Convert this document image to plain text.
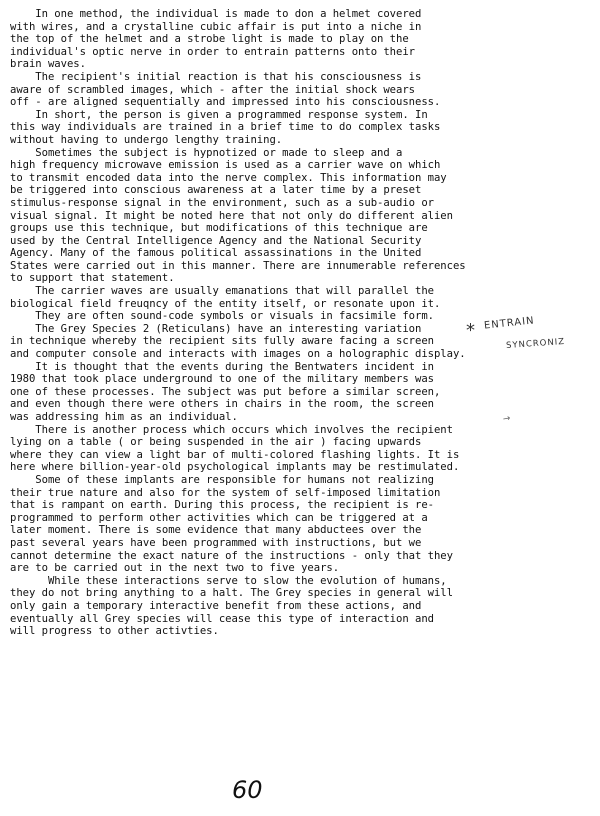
In one method, the individual is made to don a helmet covered
with wires, and a crystalline cubic affair is put into a niche in
the top of the helmet and a strobe light is made to play on the
individual's optic nerve in order to entrain patterns onto their
brain waves.
The recipient's initial reaction is that his consciousness is
aware of scrambled images, which - after the initial shock wears
off - are aligned sequentially and impressed into his consciousness.
In short, the person is given a programmed response system. In
this way individuals are trained in a brief time to do complex tasks
without having to undergo lengthy training.
Sometimes the subject is hypnotized or made to sleep and a
high frequency microwave emission is used as a carrier wave on which
to transmit encoded data into the nerve complex. This information may
be triggered into conscious awareness at a later time by a preset
stimulus-response signal in the environment, such as a sub-audio or
visual signal. It might be noted here that not only do different alien
groups use this technique, but modifications of this technique are
used by the Central Intelligence Agency and the National Security
Agency. Many of the famous political assassinations in the United
States were carried out in this manner. There are innumerable references
to support that statement.
The carrier waves are usually emanations that will parallel the
biological field freuqncy of the entity itself, or resonate upon it.
They are often sound-code symbols or visuals in facsimile form.
The Grey Species 2 (Reticulans) have an interesting variation
in technique whereby the recipient sits fully aware facing a screen
and computer console and interacts with images on a holographic display.
It is thought that the events during the Bentwaters incident in
1980 that took place underground to one of the military members was
one of these processes. The subject was put before a similar screen,
and even though there were others in chairs in the room, the screen
was addressing him as an individual.
There is another process which occurs which involves the recipient
lying on a table ( or being suspended in the air ) facing upwards
where they can view a light bar of multi-colored flashing lights. It is
here where billion-year-old psychological implants may be restimulated.
Some of these implants are responsible for humans not realizing
their true nature and also for the system of self-imposed limitation
that is rampant on earth. During this process, the recipient is re-
programmed to perform other activities which can be triggered at a
later moment. There is some evidence that many abductees over the
past several years have been programmed with instructions, but we
cannot determine the exact nature of the instructions - only that they
are to be carried out in the next two to five years.
While these interactions serve to slow the evolution of humans,
they do not bring anything to a halt. The Grey species in general will
only gain a temporary interactive benefit from these actions, and
eventually all Grey species will cease this type of interaction and
will progress to other activties.
* ENTRAIN
SYNCRONIZ
→
60
